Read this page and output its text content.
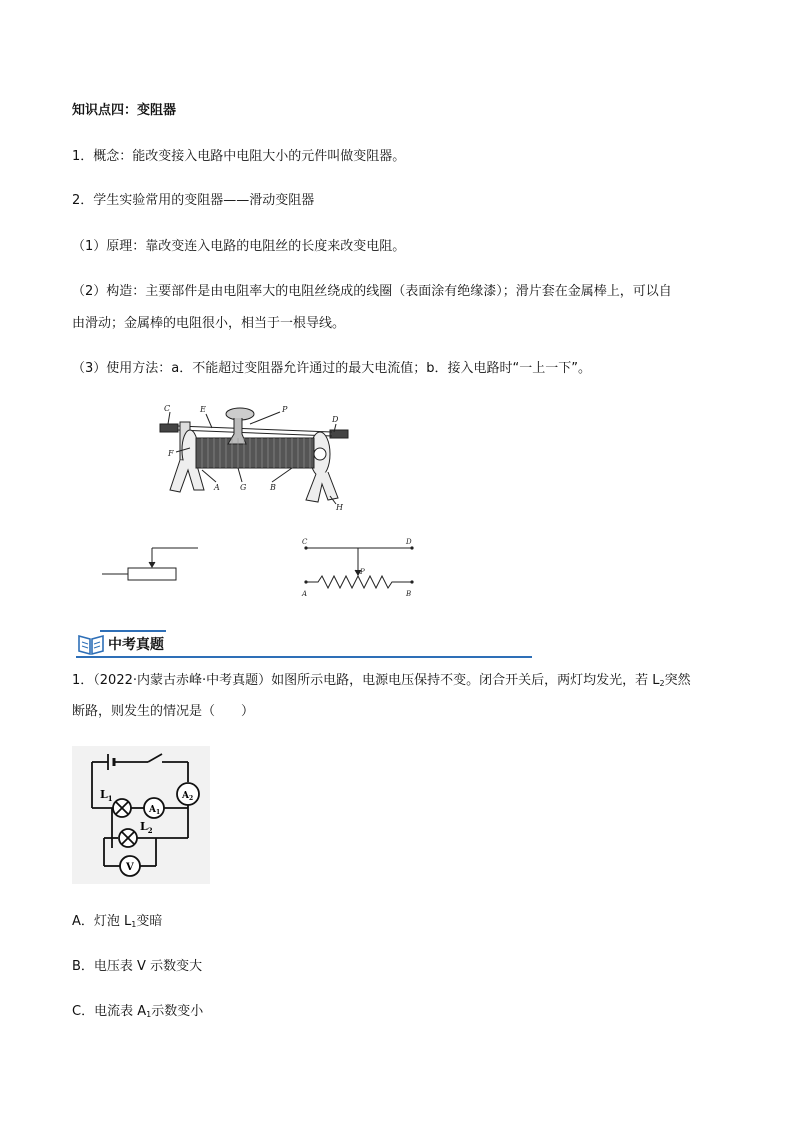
知识点四：变阻器
1．概念：能改变接入电路中电阻大小的元件叫做变阻器。
2．学生实验常用的变阻器——滑动变阻器
（1）原理：靠改变连入电路的电阻丝的长度来改变电阻。
（2）构造：主要部件是由电阻率大的电阻丝绕成的线圈（表面涂有绝缘漆）；滑片套在金属棒上，可以自
由滑动；金属棒的电阻很小，相当于一根导线。
（3）使用方法：a．不能超过变阻器允许通过的最大电流值；b．接入电路时“一上一下”。
C	E	P
D
F
A	G	B
H
C	D
P
A	B
中考真题
1．（2022·内蒙古赤峰·中考真题）如图所示电路，电源电压保持不变。闭合开关后，两灯均发光，若 $L_2$突然
断路，则发生的情况是（　　）
$L_1$
$L_2$
$A_1$
$A_2$
V
A．灯泡 $L_1$变暗
B．电压表 V 示数变大
C．电流表 $A_1$示数变小
